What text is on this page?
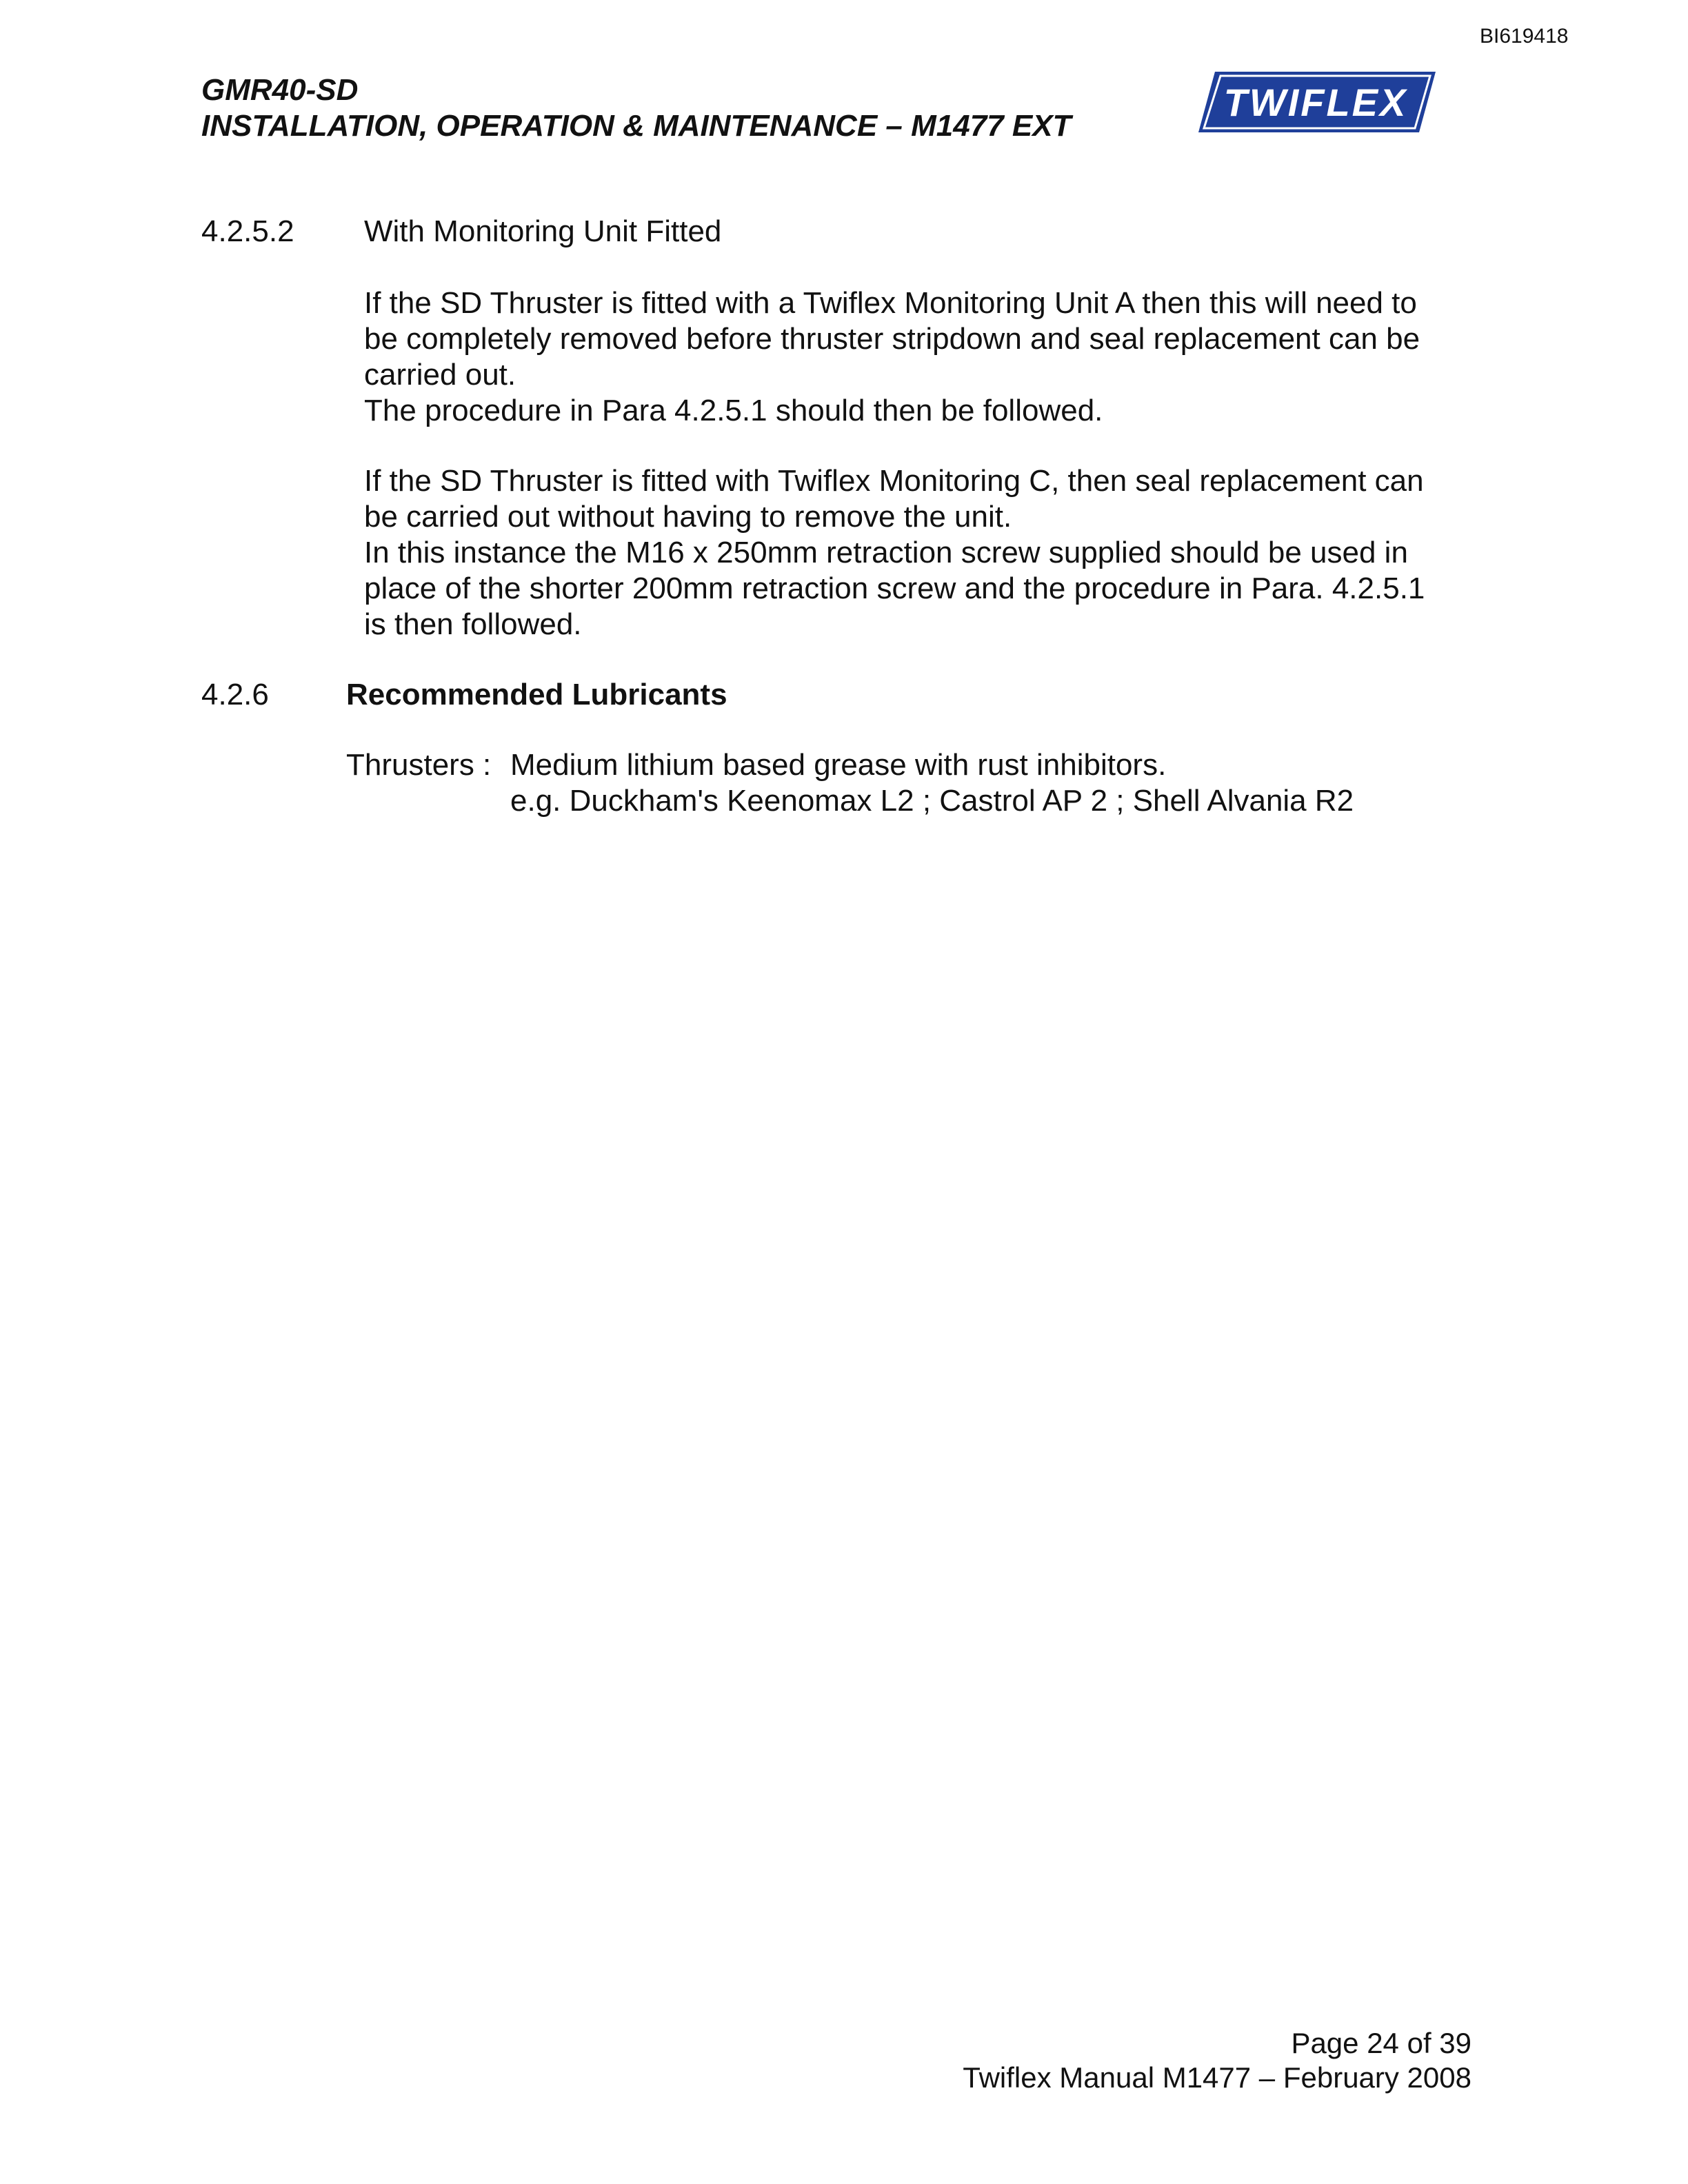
BI619418
GMR40-SD
INSTALLATION, OPERATION & MAINTENANCE – M1477 EXT
TWIFLEX
4.2.5.2 With Monitoring Unit Fitted
If the SD Thruster is fitted with a Twiflex Monitoring Unit A then this will need to
be completely removed before thruster stripdown and seal replacement can be
carried out.
The procedure in Para 4.2.5.1 should then be followed.
If the SD Thruster is fitted with Twiflex Monitoring C, then seal replacement can
be carried out without having to remove the unit.
In this instance the M16 x 250mm retraction screw supplied should be used in
place of the shorter 200mm retraction screw and the procedure in Para. 4.2.5.1
is then followed.
4.2.6	Recommended Lubricants
Thrusters : Medium lithium based grease with rust inhibitors.
e.g. Duckham's Keenomax L2 ; Castrol AP 2 ; Shell Alvania R2
Page 24 of 39
Twiflex Manual M1477 – February 2008
